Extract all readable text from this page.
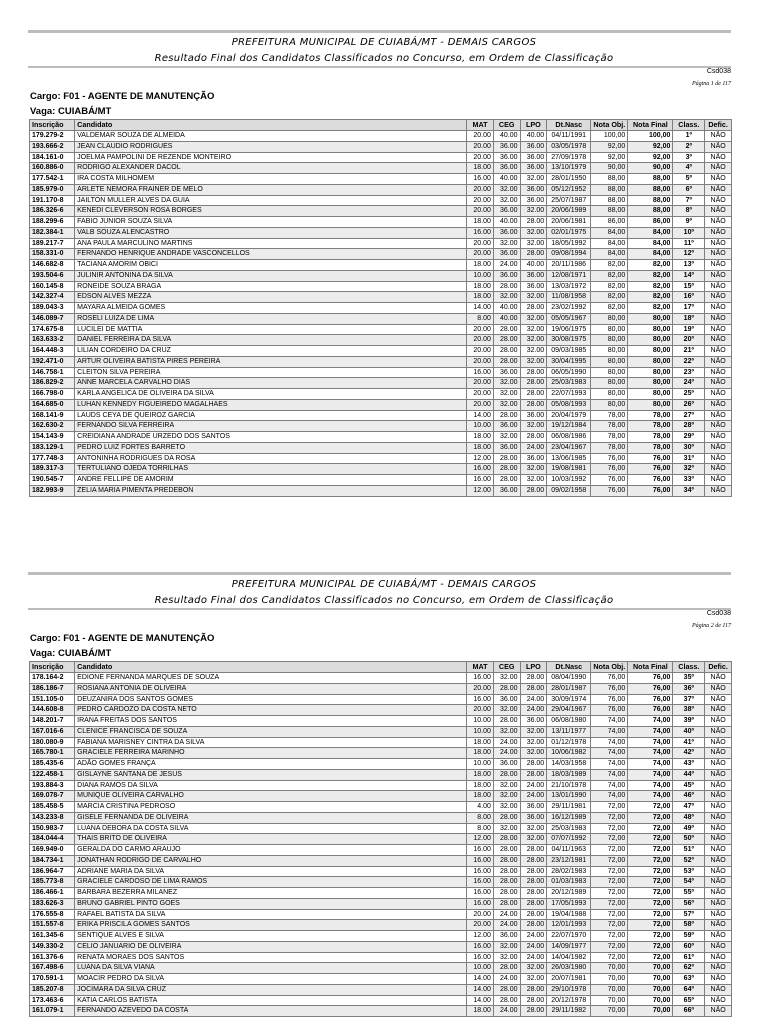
PREFEITURA MUNICIPAL DE CUIABÁ/MT - DEMAIS CARGOS
Resultado Final dos Candidatos Classificados no Concurso, em Ordem de Classificação
Csd038
Página 1 de 117
Cargo: F01 - AGENTE DE MANUTENÇÃO
Vaga: CUIABÁ/MT
Inscrição	Candidato	MAT	CEG	LPO	Dt.Nasc	Nota Obj.	Nota Final	Class.	Defic.
179.279-2	VALDEMAR SOUZA DE ALMEIDA	20.00	40.00	40.00	04/11/1991	100,00	100,00	1º	NÃO
193.666-2	JEAN CLAUDIO RODRIGUES	20.00	36.00	36.00	03/05/1978	92,00	92,00	2º	NÃO
184.161-0	JOELMA PAMPOLINI DE REZENDE MONTEIRO	20.00	36.00	36.00	27/09/1978	92,00	92,00	3º	NÃO
160.886-0	RODRIGO ALEXANDER DACOL	18.00	36.00	36.00	13/10/1979	90,00	90,00	4º	NÃO
177.542-1	IRA COSTA MILHOMEM	16.00	40.00	32.00	28/01/1950	88,00	88,00	5º	NÃO
185.979-0	ARLETE NEMORA FRAINER DE MELO	20.00	32.00	36.00	05/12/1952	88,00	88,00	6º	NÃO
191.170-8	JAILTON MULLER ALVES DA GUIA	20.00	32.00	36.00	25/07/1987	88,00	88,00	7º	NÃO
186.326-6	KENEDI CLEVERSON ROSA BORGES	20.00	36.00	32.00	20/06/1989	88,00	88,00	8º	NÃO
188.299-6	FABIO JUNIOR SOUZA SILVA	18.00	40.00	28.00	20/06/1981	86,00	86,00	9º	NÃO
182.384-1	VALB SOUZA ALENCASTRO	16.00	36.00	32.00	02/01/1975	84,00	84,00	10º	NÃO
189.217-7	ANA PAULA MARCULINO MARTINS	20.00	32.00	32.00	18/05/1992	84,00	84,00	11º	NÃO
158.331-0	FERNANDO HENRIQUE ANDRADE VASCONCELLOS	20.00	36.00	28.00	09/08/1994	84,00	84,00	12º	NÃO
146.682-8	TACIANA AMORIM OBICI	18.00	24.00	40.00	20/11/1986	82,00	82,00	13º	NÃO
193.504-6	JULINIR ANTONINA DA SILVA	10.00	36.00	36.00	12/08/1971	82,00	82,00	14º	NÃO
160.145-8	RONEIDE SOUZA BRAGA	18.00	28.00	36.00	13/03/1972	82,00	82,00	15º	NÃO
142.327-4	EDSON ALVES MEZZA	18.00	32.00	32.00	11/08/1958	82,00	82,00	16º	NÃO
189.043-3	MAYARA ALMEIDA GOMES	14.00	40.00	28.00	23/02/1992	82,00	82,00	17º	NÃO
146.089-7	ROSELI LUIZA DE LIMA	8.00	40.00	32.00	05/05/1967	80,00	80,00	18º	NÃO
174.675-8	LUCILEI DE MATTIA	20.00	28.00	32.00	19/06/1975	80,00	80,00	19º	NÃO
163.633-2	DANIEL FERREIRA DA SILVA	20.00	28.00	32.00	30/08/1975	80,00	80,00	20º	NÃO
164.448-3	LILIAN CORDEIRO DA CRUZ	20.00	28.00	32.00	09/03/1985	80,00	80,00	21º	NÃO
192.471-0	ARTUR OLIVEIRA BATISTA PIRES PEREIRA	20.00	28.00	32.00	30/04/1995	80,00	80,00	22º	NÃO
146.758-1	CLEITON SILVA PEREIRA	16.00	36.00	28.00	06/05/1990	80,00	80,00	23º	NÃO
186.829-2	ANNE MARCELA CARVALHO DIAS	20.00	32.00	28.00	25/03/1983	80,00	80,00	24º	NÃO
166.798-0	KARLA ANGELICA DE OLIVEIRA DA SILVA	20.00	32.00	28.00	22/07/1993	80,00	80,00	25º	NÃO
164.685-0	LUHAN KENNEDY FIGUEIREDO MAGALHAES	20.00	32.00	28.00	05/08/1993	80,00	80,00	26º	NÃO
168.141-9	LAUDS CEYA DE QUEIROZ GARCIA	14.00	28.00	36.00	20/04/1979	78,00	78,00	27º	NÃO
162.630-2	FERNANDO SILVA FERREIRA	10.00	36.00	32.00	19/12/1984	78,00	78,00	28º	NÃO
154.143-9	CREIDIANA ANDRADE URZEDO DOS SANTOS	18.00	32.00	28.00	06/08/1986	78,00	78,00	29º	NÃO
183.129-1	PEDRO LUIZ FORTES BARRETO	18.00	36.00	24.00	23/04/1967	78,00	78,00	30º	NÃO
177.748-3	ANTONINHA RODRIGUES DA ROSA	12.00	28.00	36.00	13/06/1985	76,00	76,00	31º	NÃO
189.317-3	TERTULIANO OJEDA TORRILHAS	16.00	28.00	32.00	19/08/1981	76,00	76,00	32º	NÃO
190.545-7	ANDRE FELLIPE DE AMORIM	16.00	28.00	32.00	10/03/1992	76,00	76,00	33º	NÃO
182.993-9	ZELIA MARIA PIMENTA PREDEBON	12.00	36.00	28.00	09/02/1958	76,00	76,00	34º	NÃO
PREFEITURA MUNICIPAL DE CUIABÁ/MT - DEMAIS CARGOS
Resultado Final dos Candidatos Classificados no Concurso, em Ordem de Classificação
Csd038
Página 2 de 117
Cargo: F01 - AGENTE DE MANUTENÇÃO
Vaga: CUIABÁ/MT
Inscrição	Candidato	MAT	CEG	LPO	Dt.Nasc	Nota Obj.	Nota Final	Class.	Defic.
178.164-2	EDIONE FERNANDA MARQUES DE SOUZA	16.00	32.00	28.00	08/04/1990	76,00	76,00	35º	NÃO
186.186-7	ROSIANA ANTONIA DE OLIVEIRA	20.00	28.00	28.00	28/01/1987	76,00	76,00	36º	NÃO
151.105-0	DEUZANIRA DOS SANTOS GOMES	16.00	36.00	24.00	30/09/1974	76,00	76,00	37º	NÃO
144.608-8	PEDRO CARDOZO DA COSTA NETO	20.00	32.00	24.00	29/04/1967	76,00	76,00	38º	NÃO
148.201-7	IRANA FREITAS DOS SANTOS	10.00	28.00	36.00	06/08/1980	74,00	74,00	39º	NÃO
167.016-6	CLENICE FRANCISCA DE SOUZA	10.00	32.00	32.00	13/11/1977	74,00	74,00	40º	NÃO
180.080-9	FABIANA MARISNEY CINTRA DA SILVA	18.00	24.00	32.00	01/12/1978	74,00	74,00	41º	NÃO
165.780-1	GRACIELE FERREIRA MARINHO	18.00	24.00	32.00	10/06/1982	74,00	74,00	42º	NÃO
185.435-6	ADÃO GOMES FRANÇA	10.00	36.00	28.00	14/03/1958	74,00	74,00	43º	NÃO
122.458-1	GISLAYNE SANTANA DE JESUS	18.00	28.00	28.00	18/03/1989	74,00	74,00	44º	NÃO
193.884-3	DIANA RAMOS DA SILVA	18.00	32.00	24.00	21/10/1978	74,00	74,00	45º	NÃO
169.078-7	MUNIQUE OLIVEIRA CARVALHO	18.00	32.00	24.00	13/01/1990	74,00	74,00	46º	NÃO
185.458-5	MARCIA CRISTINA PEDROSO	4.00	32.00	36.00	29/11/1981	72,00	72,00	47º	NÃO
143.233-8	GISELE FERNANDA DE OLIVEIRA	8.00	28.00	36.00	16/12/1989	72,00	72,00	48º	NÃO
150.983-7	LUANA DEBORA DA COSTA SILVA	8.00	32.00	32.00	25/03/1983	72,00	72,00	49º	NÃO
184.044-4	THAIS BRITO DE OLIVEIRA	12.00	28.00	32.00	07/07/1992	72,00	72,00	50º	NÃO
169.949-0	GERALDA DO CARMO ARAUJO	16.00	28.00	28.00	04/11/1963	72,00	72,00	51º	NÃO
184.734-1	JONATHAN RODRIGO DE CARVALHO	16.00	28.00	28.00	23/12/1981	72,00	72,00	52º	NÃO
186.964-7	ADRIANE MARIA DA SILVA	16.00	28.00	28.00	28/02/1983	72,00	72,00	53º	NÃO
185.773-8	GRACIELE CARDOSO DE LIMA RAMOS	16.00	28.00	28.00	01/03/1983	72,00	72,00	54º	NÃO
186.466-1	BARBARA BEZERRA MILANEZ	16.00	28.00	28.00	20/12/1989	72,00	72,00	55º	NÃO
183.626-3	BRUNO GABRIEL PINTO GOES	16.00	28.00	28.00	17/05/1993	72,00	72,00	56º	NÃO
176.555-8	RAFAEL BATISTA DA SILVA	20.00	24.00	28.00	19/04/1988	72,00	72,00	57º	NÃO
151.557-8	ERIKA PRISCILA GOMES SANTOS	20.00	24.00	28.00	12/01/1993	72,00	72,00	58º	NÃO
161.345-6	SENTIQUE ALVES E SILVA	12.00	36.00	24.00	22/07/1970	72,00	72,00	59º	NÃO
149.330-2	CELIO JANUARIO DE OLIVEIRA	16.00	32.00	24.00	14/09/1977	72,00	72,00	60º	NÃO
161.376-6	RENATA MORAES DOS SANTOS	16.00	32.00	24.00	14/04/1982	72,00	72,00	61º	NÃO
167.498-6	LUANA DA SILVA VIANA	10.00	28.00	32.00	26/03/1980	70,00	70,00	62º	NÃO
170.591-1	MOACIR PEDRO DA SILVA	14.00	24.00	32.00	20/07/1981	70,00	70,00	63º	NÃO
185.207-8	JOCIMARA DA SILVA CRUZ	14.00	28.00	28.00	29/10/1978	70,00	70,00	64º	NÃO
173.463-6	KATIA CARLOS BATISTA	14.00	28.00	28.00	20/12/1978	70,00	70,00	65º	NÃO
161.079-1	FERNANDO AZEVEDO DA COSTA	18.00	24.00	28.00	29/11/1982	70,00	70,00	66º	NÃO
